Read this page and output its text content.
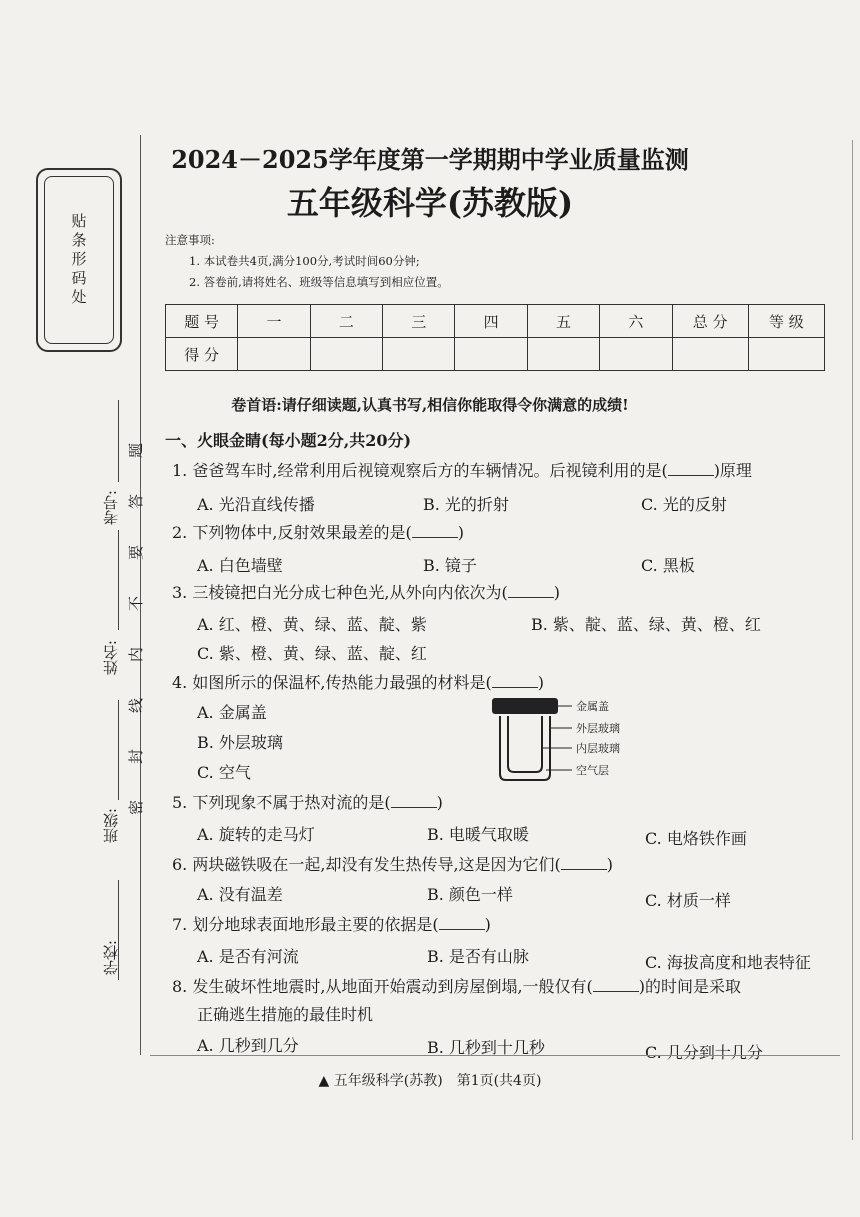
贴条形码处
学校:
班级:
姓名:
考号:
题
答
要
不
内
线
封
密
2024－2025学年度第一学期期中学业质量监测
五年级科学(苏教版)
注意事项:
1. 本试卷共4页,满分100分,考试时间60分钟;
2. 答卷前,请将姓名、班级等信息填写到相应位置。
题 号	一	二	三	四	五	六	总 分	等 级
得 分								
卷首语:请仔细读题,认真书写,相信你能取得令你满意的成绩!
一、火眼金睛(每小题2分,共20分)
1. 爸爸驾车时,经常利用后视镜观察后方的车辆情况。后视镜利用的是(	)原理
A. 光沿直线传播	B. 光的折射	C. 光的反射
2. 下列物体中,反射效果最差的是(	)
A. 白色墙壁	B. 镜子	C. 黑板
3. 三棱镜把白光分成七种色光,从外向内依次为(	)
A. 红、橙、黄、绿、蓝、靛、紫	B. 紫、靛、蓝、绿、黄、橙、红
C. 紫、橙、黄、绿、蓝、靛、红
4. 如图所示的保温杯,传热能力最强的材料是(	)
A. 金属盖
B. 外层玻璃
C. 空气
金属盖
外层玻璃
内层玻璃
空气层
5. 下列现象不属于热对流的是(	)
A. 旋转的走马灯	B. 电暖气取暖	C. 电烙铁作画
6. 两块磁铁吸在一起,却没有发生热传导,这是因为它们(	)
A. 没有温差	B. 颜色一样	C. 材质一样
7. 划分地球表面地形最主要的依据是(	)
A. 是否有河流	B. 是否有山脉	C. 海拔高度和地表特征
8. 发生破坏性地震时,从地面开始震动到房屋倒塌,一般仅有(	)的时间是采取
正确逃生措施的最佳时机
A. 几秒到几分	B. 几秒到十几秒	C. 几分到十几分
▲ 五年级科学(苏教)　第1页(共4页)
